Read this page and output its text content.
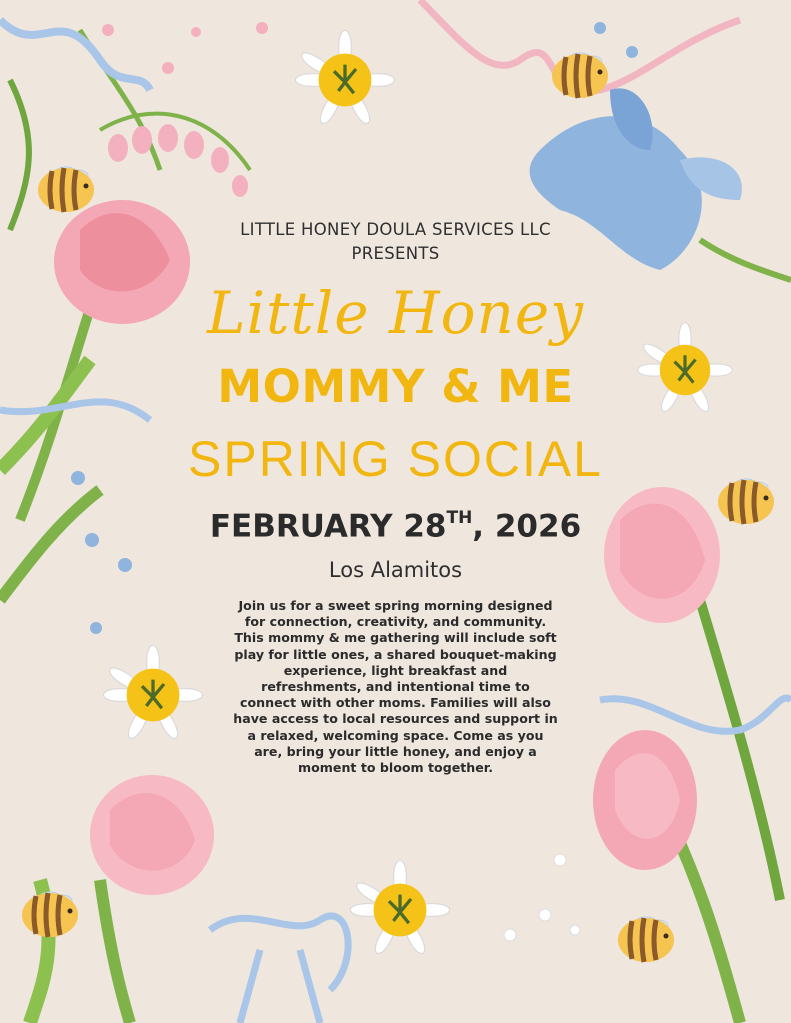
LITTLE HONEY DOULA SERVICES LLC
PRESENTS
Little Honey
MOMMY & ME
SPRING SOCIAL
FEBRUARY 28TH, 2026
Los Alamitos
Join us for a sweet spring morning designed for connection, creativity, and community. This mommy & me gathering will include soft play for little ones, a shared bouquet-making experience, light breakfast and refreshments, and intentional time to connect with other moms. Families will also have access to local resources and support in a relaxed, welcoming space. Come as you are, bring your little honey, and enjoy a moment to bloom together.
